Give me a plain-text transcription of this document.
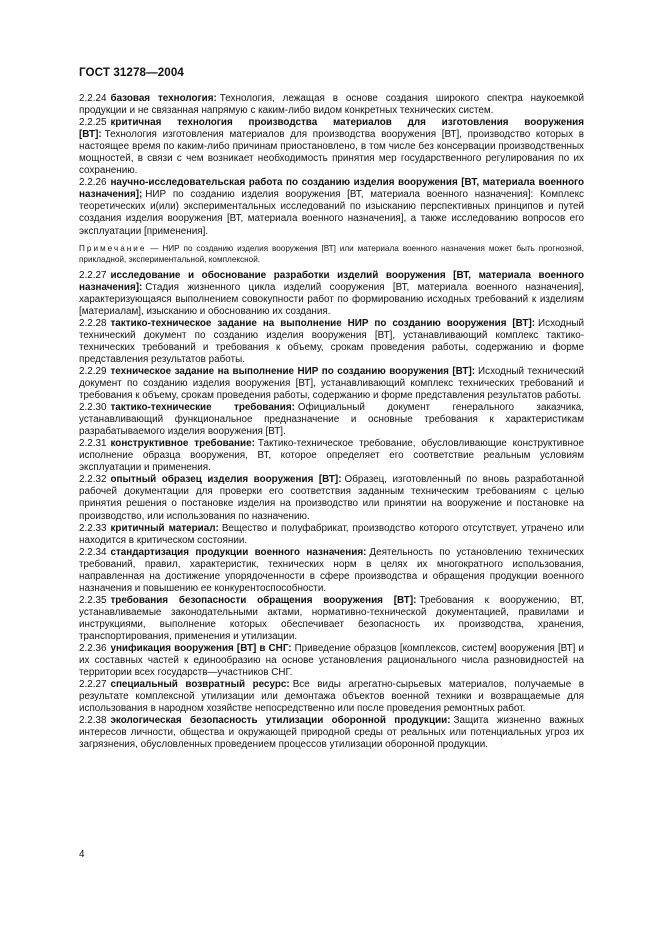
ГОСТ 31278—2004

2.2.24 базовая технология: Технология, лежащая в основе создания широкого спектра наукоемкой продукции и не связанная напрямую с каким-либо видом конкретных технических систем.

2.2.25 критичная технология производства материалов для изготовления вооружения [ВТ]: Технология изготовления материалов для производства вооружения [ВТ], производство которых в настоящее время по каким-либо причинам приостановлено, в том числе без консервации производственных мощностей, в связи с чем возникает необходимость принятия мер государственного регулирования по их сохранению.

2.2.26 научно-исследовательская работа по созданию изделия вооружения [ВТ, материала военного назначения]; НИР по созданию изделия вооружения [ВТ, материала военного назначения]: Комплекс теоретических и(или) экспериментальных исследований по изысканию перспективных принципов и путей создания изделия вооружения [ВТ, материала военного назначения], а также исследованию вопросов его эксплуатации [применения].

Примечание — НИР по созданию изделия вооружения [ВТ] или материала военного назначения может быть прогнозной, прикладной, экспериментальной, комплексной.

2.2.27 исследование и обоснование разработки изделий вооружения [ВТ, материала военного назначения]: Стадия жизненного цикла изделий сооружения [ВТ, материала военного назначения], характеризующаяся выполнением совокупности работ по формированию исходных требований к изделиям [материалам], изысканию и обоснованию их создания.

2.2.28 тактико-техническое задание на выполнение НИР по созданию вооружения [ВТ]: Исходный технический документ по созданию изделия вооружения [ВТ], устанавливающий комплекс тактико-технических требований и требования к объему, срокам проведения работы, содержанию и форме представления результатов работы.

2.2.29 техническое задание на выполнение НИР по созданию вооружения [ВТ]: Исходный технический документ по созданию изделия вооружения [ВТ], устанавливающий комплекс технических требований и требования к объему, срокам проведения работы, содержанию и форме представления результатов работы.

2.2.30 тактико-технические требования: Официальный документ генерального заказчика, устанавливающий функциональное предназначение и основные требования к характеристикам разрабатываемого изделия вооружения [ВТ].

2.2.31 конструктивное требование: Тактико-техническое требование, обусловливающие конструктивное исполнение образца вооружения, ВТ, которое определяет его соответствие реальным условиям эксплуатации и применения.

2.2.32 опытный образец изделия вооружения [ВТ]: Образец, изготовленный по вновь разработанной рабочей документации для проверки его соответствия заданным техническим требованиям с целью принятия решения о постановке изделия на производство или принятии на вооружение и постановке на производство, или использования по назначению.

2.2.33 критичный материал: Вещество и полуфабрикат, производство которого отсутствует, утрачено или находится в критическом состоянии.

2.2.34 стандартизация продукции военного назначения: Деятельность по установлению технических требований, правил, характеристик, технических норм в целях их многократного использования, направленная на достижение упорядоченности в сфере производства и обращения продукции военного назначения и повышению ее конкурентоспособности.

2.2.35 требования безопасности обращения вооружения [ВТ]: Требования к вооружению, ВТ, устанавливаемые законодательными актами, нормативно-технической документацией, правилами и инструкциями, выполнение которых обеспечивает безопасность их производства, хранения, транспортирования, применения и утилизации.

2.2.36 унификация вооружения [ВТ] в СНГ: Приведение образцов [комплексов, систем] вооружения [ВТ] и их составных частей к единообразию на основе установления рационального числа разновидностей на территории всех государств—участников СНГ.

2.2.27 специальный возвратный ресурс: Все виды агрегатно-сырьевых материалов, получаемые в результате комплексной утилизации или демонтажа объектов военной техники и возвращаемые для использования в народном хозяйстве непосредственно или после проведения ремонтных работ.

2.2.38 экологическая безопасность утилизации оборонной продукции: Защита жизненно важных интересов личности, общества и окружающей природной среды от реальных или потенциальных угроз их загрязнения, обусловленных проведением процессов утилизации оборонной продукции.

4
